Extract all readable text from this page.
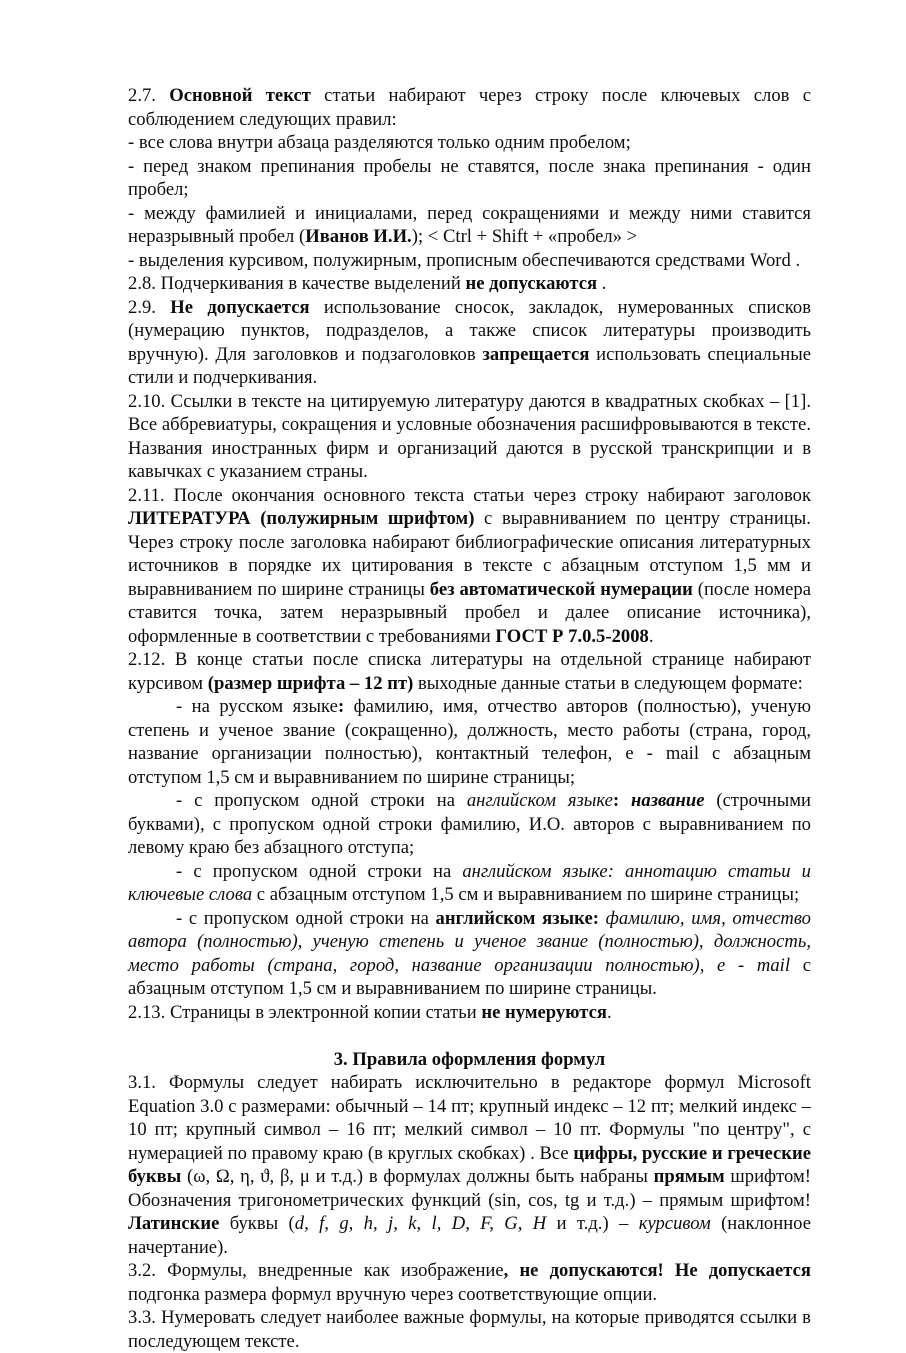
2.7. Основной текст статьи набирают через строку после ключевых слов с соблюдением следующих правил:

- все слова внутри абзаца разделяются только одним пробелом;

- перед знаком препинания пробелы не ставятся, после знака препинания - один пробел;

- между фамилией и инициалами, перед сокращениями и между ними ставится неразрывный пробел (Иванов И.И.); < Ctrl + Shift + «пробел» >

- выделения курсивом, полужирным, прописным обеспечиваются средствами Word .

2.8. Подчеркивания в качестве выделений не допускаются .

2.9. Не допускается использование сносок, закладок, нумерованных списков (нумерацию пунктов, подразделов, а также список литературы производить вручную). Для заголовков и подзаголовков запрещается использовать специальные стили и подчеркивания.

2.10. Ссылки в тексте на цитируемую литературу даются в квадратных скобках – [1]. Все аббревиатуры, сокращения и условные обозначения расшифровываются в тексте. Названия иностранных фирм и организаций даются в русской транскрипции и в кавычках с указанием страны.

2.11. После окончания основного текста статьи через строку набирают заголовок ЛИТЕРАТУРА (полужирным шрифтом) с выравниванием по центру страницы. Через строку после заголовка набирают библиографические описания литературных источников в порядке их цитирования в тексте с абзацным отступом 1,5 мм и выравниванием по ширине страницы без автоматической нумерации (после номера ставится точка, затем неразрывный пробел и далее описание источника), оформленные в соответствии с требованиями ГОСТ Р 7.0.5-2008.

2.12. В конце статьи после списка литературы на отдельной странице набирают курсивом (размер шрифта – 12 пт) выходные данные статьи в следующем формате:

- на русском языке: фамилию, имя, отчество авторов (полностью), ученую степень и ученое звание (сокращенно), должность, место работы (страна, город, название организации полностью), контактный телефон, e - mail с абзацным отступом 1,5 см и выравниванием по ширине страницы;

- с пропуском одной строки на английском языке: название (строчными буквами), с пропуском одной строки фамилию, И.О. авторов с выравниванием по левому краю без абзацного отступа;

- с пропуском одной строки на английском языке: аннотацию статьи и ключевые слова с абзацным отступом 1,5 см и выравниванием по ширине страницы;

- с пропуском одной строки на английском языке: фамилию, имя, отчество автора (полностью), ученую степень и ученое звание (полностью), должность, место работы (страна, город, название организации полностью), e - mail с абзацным отступом 1,5 см и выравниванием по ширине страницы.

2.13. Страницы в электронной копии статьи не нумеруются.

3. Правила оформления формул

3.1. Формулы следует набирать исключительно в редакторе формул Microsoft Equation 3.0 с размерами: обычный – 14 пт; крупный индекс – 12 пт; мелкий индекс – 10 пт; крупный символ – 16 пт; мелкий символ – 10 пт. Формулы "по центру", с нумерацией по правому краю (в круглых скобках) . Все цифры, русские и греческие буквы (ω, Ω, η, ϑ, β, μ и т.д.) в формулах должны быть набраны прямым шрифтом! Обозначения тригонометрических функций (sin, cos, tg и т.д.) – прямым шрифтом! Латинские буквы (d, f, g, h, j, k, l, D, F, G, H и т.д.) – курсивом (наклонное начертание).

3.2. Формулы, внедренные как изображение, не допускаются! Не допускается подгонка размера формул вручную через соответствующие опции.

3.3. Нумеровать следует наиболее важные формулы, на которые приводятся ссылки в последующем тексте.
